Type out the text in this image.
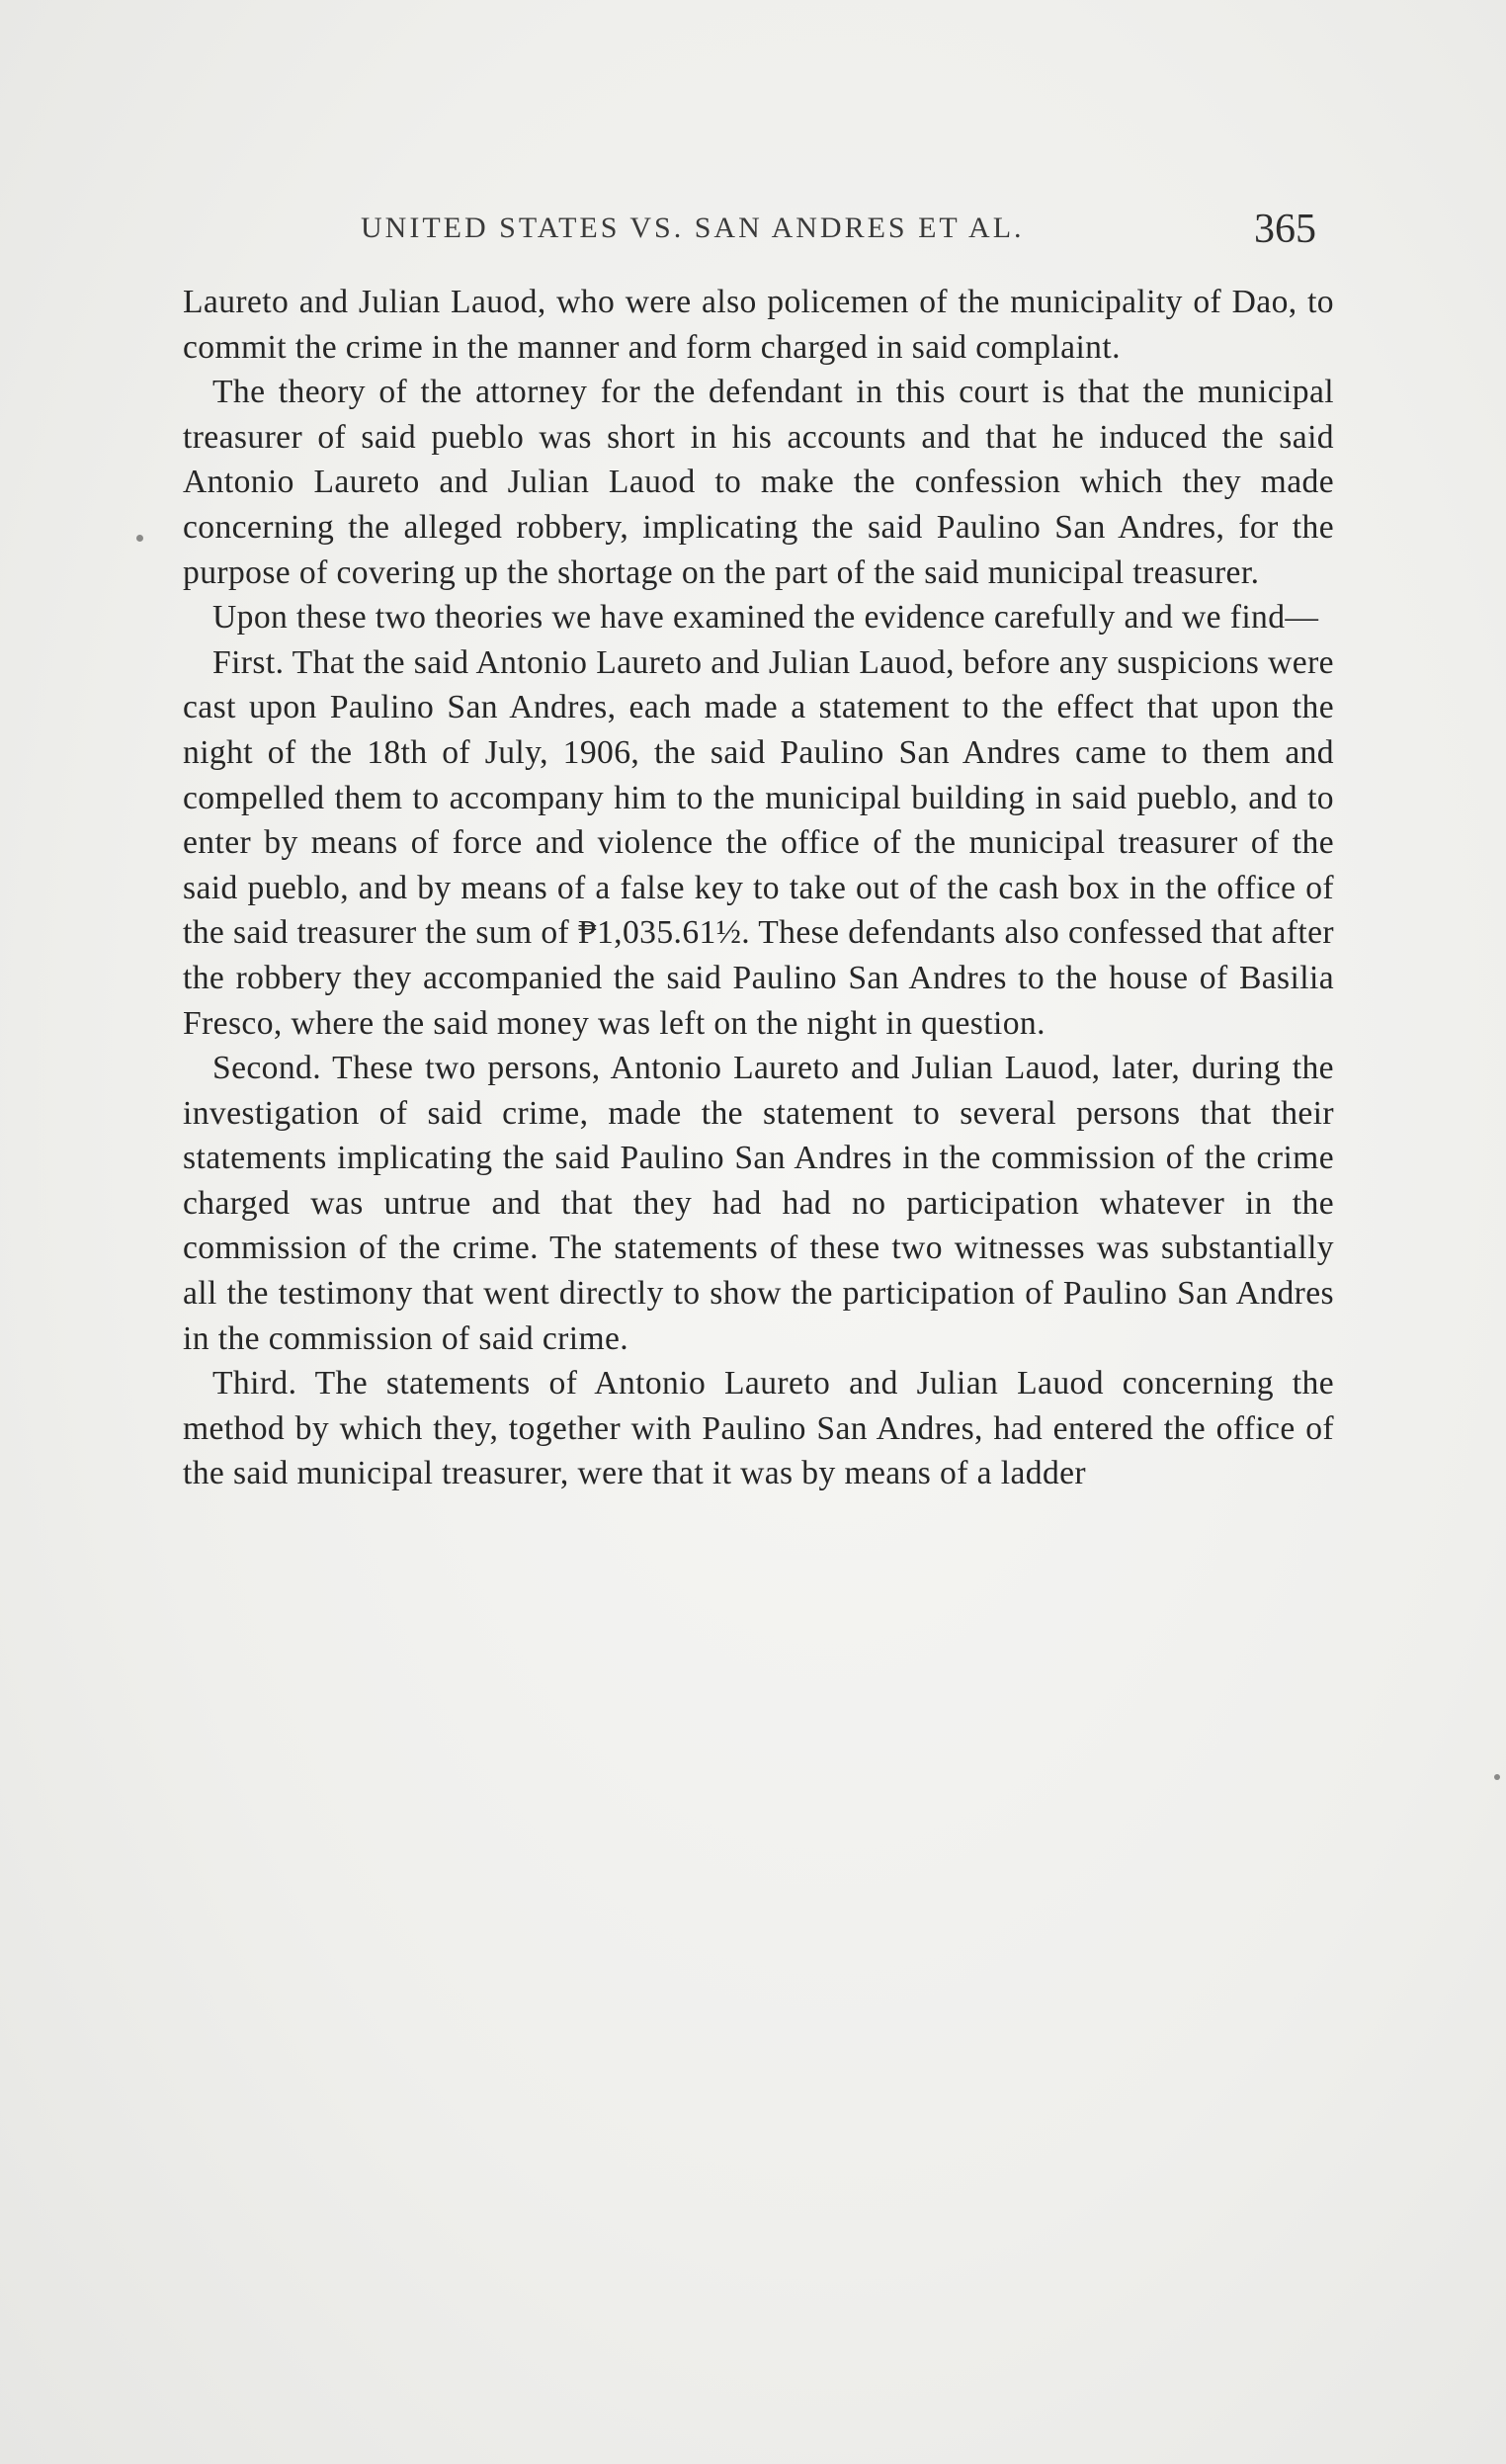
UNITED STATES VS. SAN ANDRES ET AL.	365

Laureto and Julian Lauod, who were also policemen of the municipality of Dao, to commit the crime in the manner and form charged in said complaint.

The theory of the attorney for the defendant in this court is that the municipal treasurer of said pueblo was short in his accounts and that he induced the said Antonio Laureto and Julian Lauod to make the confession which they made concerning the alleged robbery, implicating the said Paulino San Andres, for the purpose of covering up the shortage on the part of the said municipal treasurer.

Upon these two theories we have examined the evidence carefully and we find—

First. That the said Antonio Laureto and Julian Lauod, before any suspicions were cast upon Paulino San Andres, each made a statement to the effect that upon the night of the 18th of July, 1906, the said Paulino San Andres came to them and compelled them to accompany him to the municipal building in said pueblo, and to enter by means of force and violence the office of the municipal treasurer of the said pueblo, and by means of a false key to take out of the cash box in the office of the said treasurer the sum of ₱1,035.61½. These defendants also confessed that after the robbery they accompanied the said Paulino San Andres to the house of Basilia Fresco, where the said money was left on the night in question.

Second. These two persons, Antonio Laureto and Julian Lauod, later, during the investigation of said crime, made the statement to several persons that their statements implicating the said Paulino San Andres in the commission of the crime charged was untrue and that they had had no participation whatever in the commission of the crime. The statements of these two witnesses was substantially all the testimony that went directly to show the participation of Paulino San Andres in the commission of said crime.

Third. The statements of Antonio Laureto and Julian Lauod concerning the method by which they, together with Paulino San Andres, had entered the office of the said municipal treasurer, were that it was by means of a ladder
